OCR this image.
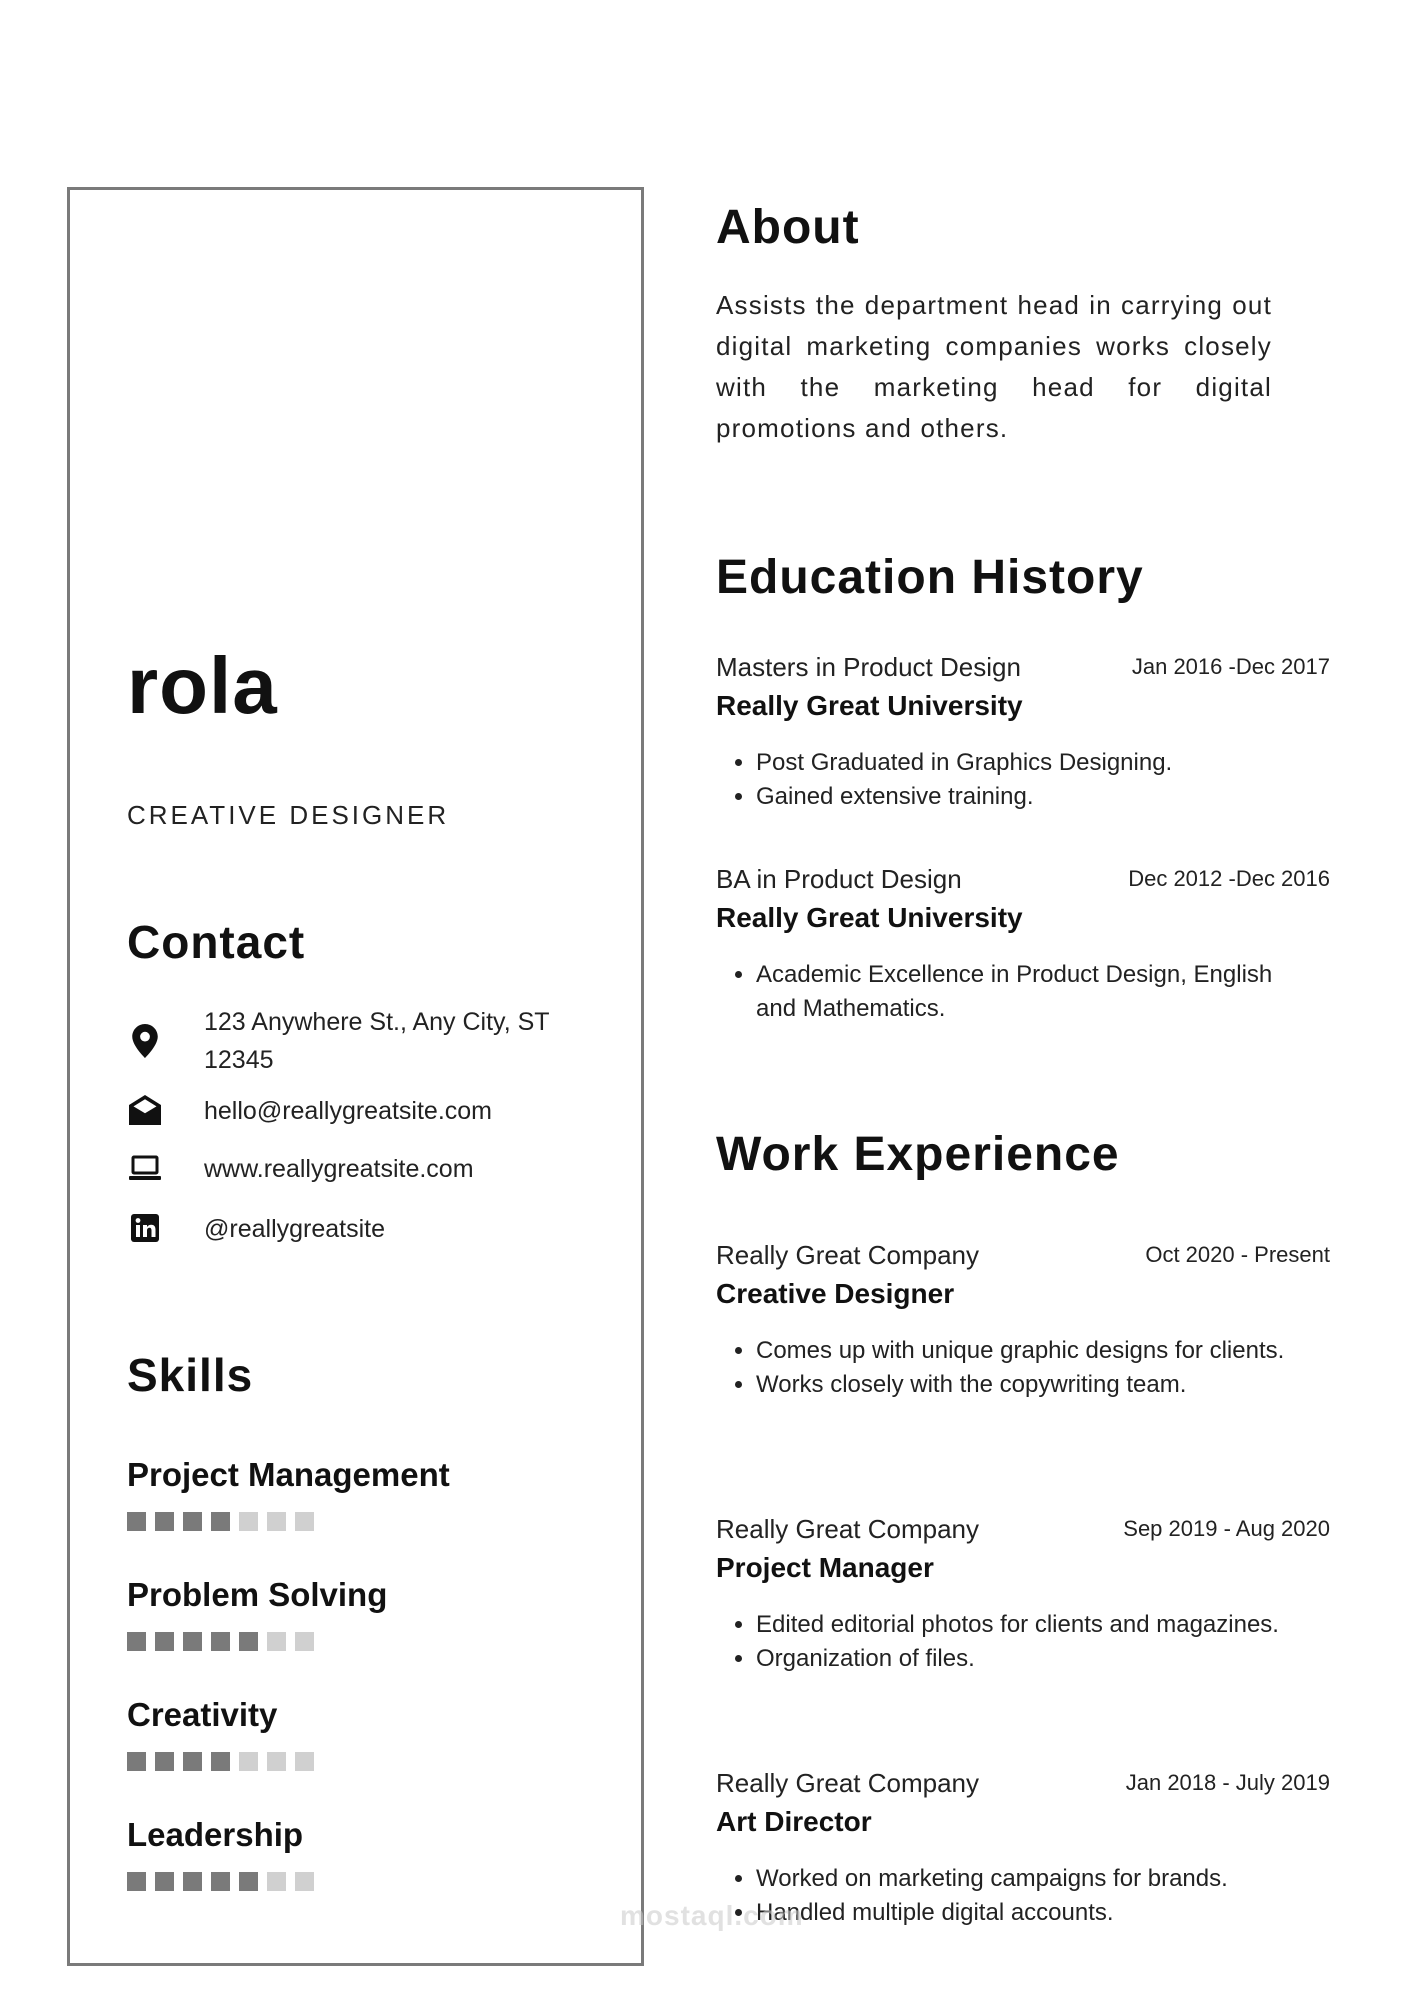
rola
CREATIVE DESIGNER
Contact
123 Anywhere St., Any City, ST 12345
hello@reallygreatsite.com
www.reallygreatsite.com
@reallygreatsite
Skills

Project Management

Problem Solving

Creativity

Leadership

About

Assists the department head in carrying out digital marketing companies works closely with the marketing head for digital promotions and others.

Education History

Masters in Product Design	Jan 2016 -Dec 2017

Really Great University

• Post Graduated in Graphics Designing.
• Gained extensive training.

BA in Product Design	Dec 2012 -Dec 2016

Really Great University

• Academic Excellence in Product Design, English and Mathematics.
Work Experience

Really Great Company	Oct 2020 - Present

Creative Designer

• Comes up with unique graphic designs for clients.
• Works closely with the copywriting team.

Really Great Company	Sep 2019 - Aug 2020

Project Manager

• Edited editorial photos for clients and magazines.
• Organization of files.

Really Great Company	Jan 2018 - July 2019

Art Director

• Worked on marketing campaigns for brands.
• Handled multiple digital accounts.
mostaql.com
